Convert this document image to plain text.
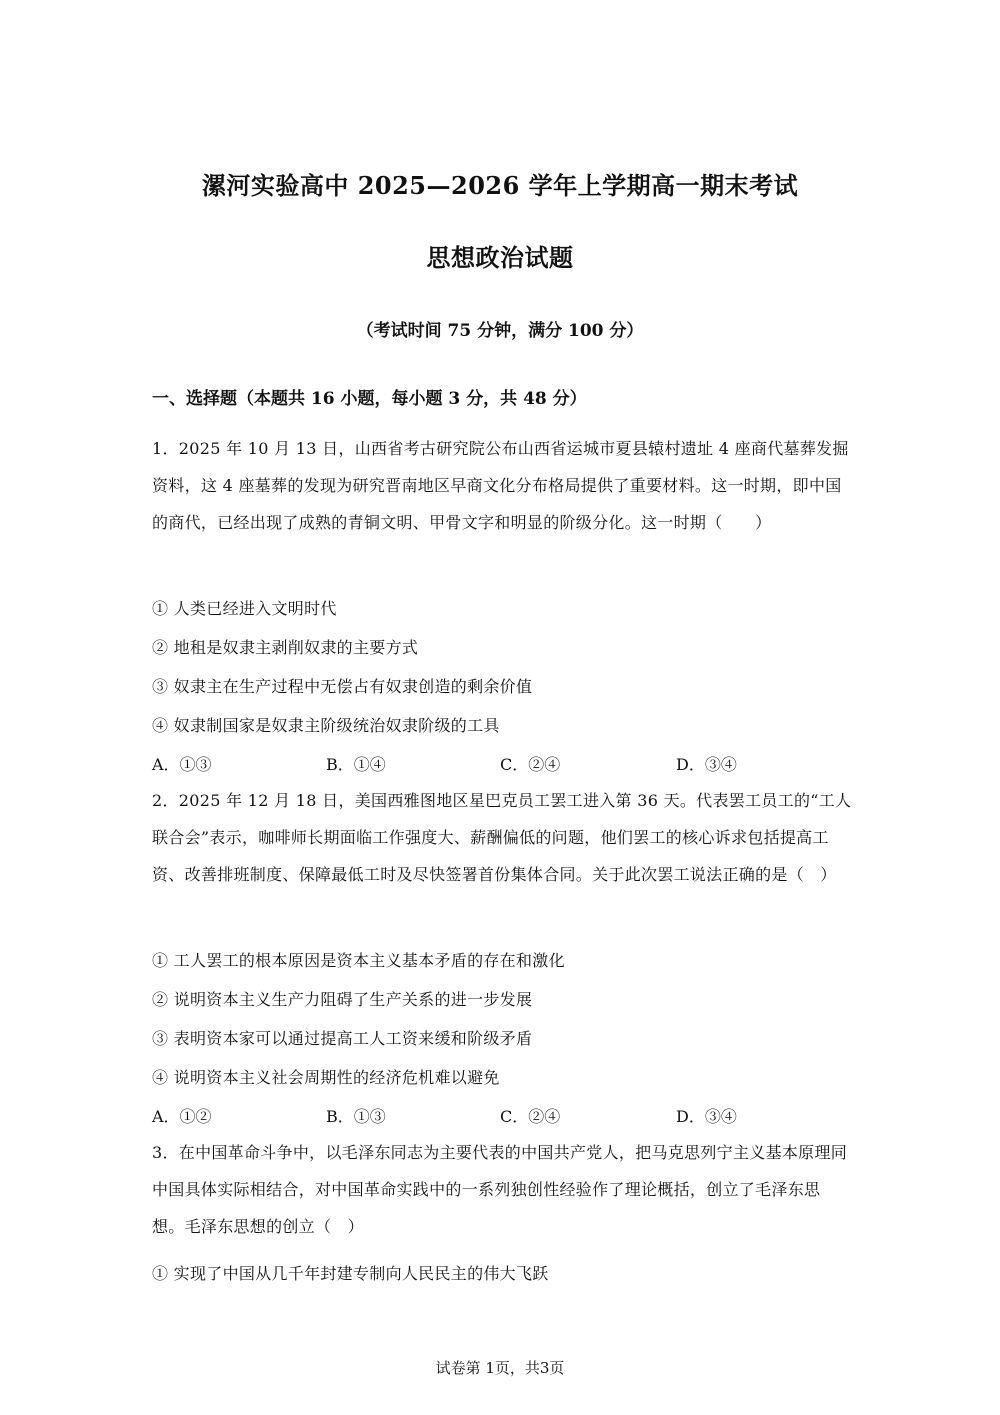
漯河实验高中 2025—2026 学年上学期高一期末考试
思想政治试题
（考试时间 75 分钟，满分 100 分）
一、选择题（本题共 16 小题，每小题 3 分，共 48 分）
1．2025 年 10 月 13 日，山西省考古研究院公布山西省运城市夏县辕村遗址 4 座商代墓葬发掘资料，这 4 座墓葬的发现为研究晋南地区早商文化分布格局提供了重要材料。这一时期，即中国的商代，已经出现了成熟的青铜文明、甲骨文字和明显的阶级分化。这一时期（　　）
① 人类已经进入文明时代
② 地租是奴隶主剥削奴隶的主要方式
③ 奴隶主在生产过程中无偿占有奴隶创造的剩余价值
④ 奴隶制国家是奴隶主阶级统治奴隶阶级的工具
A．①③	B．①④	C．②④	D．③④
2．2025 年 12 月 18 日，美国西雅图地区星巴克员工罢工进入第 36 天。代表罢工员工的“工人联合会”表示，咖啡师长期面临工作强度大、薪酬偏低的问题，他们罢工的核心诉求包括提高工资、改善排班制度、保障最低工时及尽快签署首份集体合同。关于此次罢工说法正确的是（　）
① 工人罢工的根本原因是资本主义基本矛盾的存在和激化
② 说明资本主义生产力阻碍了生产关系的进一步发展
③ 表明资本家可以通过提高工人工资来缓和阶级矛盾
④ 说明资本主义社会周期性的经济危机难以避免
A．①②	B．①③	C．②④	D．③④
3．在中国革命斗争中，以毛泽东同志为主要代表的中国共产党人，把马克思列宁主义基本原理同中国具体实际相结合，对中国革命实践中的一系列独创性经验作了理论概括，创立了毛泽东思想。毛泽东思想的创立（　）
① 实现了中国从几千年封建专制向人民民主的伟大飞跃
试卷第 1页，共3页
